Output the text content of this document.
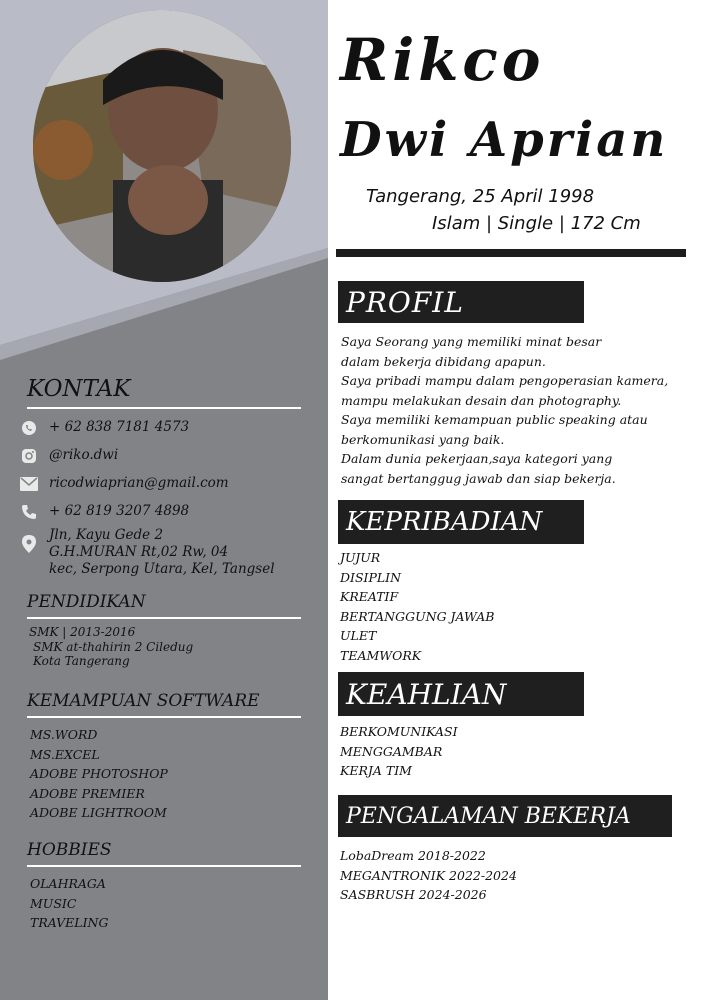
KONTAK
+ 62 838 7181 4573
@riko.dwi
ricodwiaprian@gmail.com
+ 62 819 3207 4898
Jln, Kayu Gede 2
G.H.MURAN Rt,02 Rw, 04
kec, Serpong Utara, Kel, Tangsel
PENDIDIKAN
SMK | 2013-2016
SMK at-thahirin 2 Ciledug
Kota Tangerang
KEMAMPUAN SOFTWARE
MS.WORD
MS.EXCEL
ADOBE PHOTOSHOP
ADOBE PREMIER
ADOBE LIGHTROOM
HOBBIES
OLAHRAGA
MUSIC
TRAVELING
Rikco
Dwi Aprian
Tangerang, 25 April 1998
Islam | Single | 172 Cm
PROFIL
Saya Seorang yang memiliki minat besar
dalam bekerja dibidang apapun.
Saya pribadi mampu dalam pengoperasian kamera,
mampu melakukan desain dan photography.
Saya memiliki kemampuan public speaking atau
berkomunikasi yang baik.
Dalam dunia pekerjaan,saya kategori yang
sangat bertanggug jawab dan siap bekerja.
KEPRIBADIAN
JUJUR
DISIPLIN
KREATIF
BERTANGGUNG JAWAB
ULET
TEAMWORK
KEAHLIAN
BERKOMUNIKASI
MENGGAMBAR
KERJA TIM
PENGALAMAN BEKERJA
LobaDream 2018-2022
MEGANTRONIK 2022-2024
SASBRUSH 2024-2026
